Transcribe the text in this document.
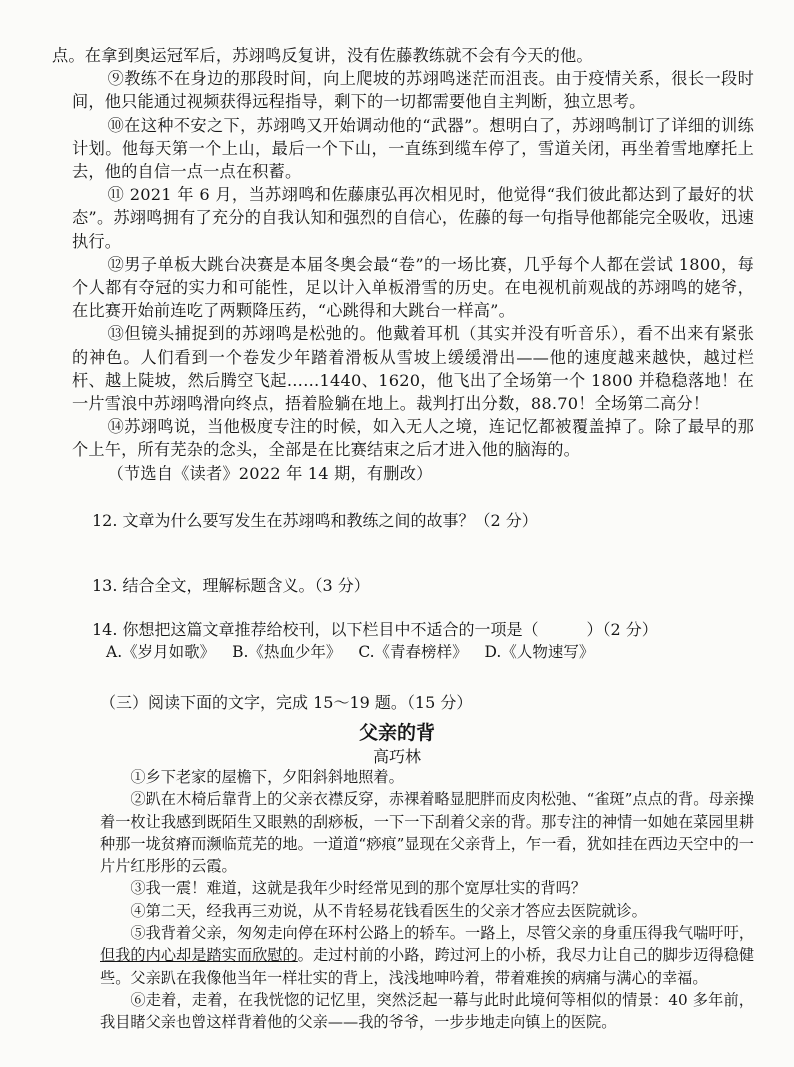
点。在拿到奥运冠军后，苏翊鸣反复讲，没有佐藤教练就不会有今天的他。

⑨教练不在身边的那段时间，向上爬坡的苏翊鸣迷茫而沮丧。由于疫情关系，很长一段时间，他只能通过视频获得远程指导，剩下的一切都需要他自主判断，独立思考。

⑩在这种不安之下，苏翊鸣又开始调动他的“武器”。想明白了，苏翊鸣制订了详细的训练计划。他每天第一个上山，最后一个下山，一直练到缆车停了，雪道关闭，再坐着雪地摩托上去，他的自信一点一点在积蓄。

⑪ 2021 年 6 月，当苏翊鸣和佐藤康弘再次相见时，他觉得“我们彼此都达到了最好的状态”。苏翊鸣拥有了充分的自我认知和强烈的自信心，佐藤的每一句指导他都能完全吸收，迅速执行。

⑫男子单板大跳台决赛是本届冬奥会最“卷”的一场比赛，几乎每个人都在尝试 1800，每个人都有夺冠的实力和可能性，足以计入单板滑雪的历史。在电视机前观战的苏翊鸣的姥爷，在比赛开始前连吃了两颗降压药，“心跳得和大跳台一样高”。

⑬但镜头捕捉到的苏翊鸣是松弛的。他戴着耳机（其实并没有听音乐），看不出来有紧张的神色。人们看到一个卷发少年踏着滑板从雪坡上缓缓滑出——他的速度越来越快，越过栏杆、越上陡坡，然后腾空飞起……1440、1620，他飞出了全场第一个 1800 并稳稳落地！在一片雪浪中苏翊鸣滑向终点，捂着脸躺在地上。裁判打出分数，88.70！全场第二高分！

⑭苏翊鸣说，当他极度专注的时候，如入无人之境，连记忆都被覆盖掉了。除了最早的那个上午，所有芜杂的念头，全部是在比赛结束之后才进入他的脑海的。

（节选自《读者》2022 年 14 期，有删改）

12. 文章为什么要写发生在苏翊鸣和教练之间的故事？（2 分）

13. 结合全文，理解标题含义。（3 分）

14. 你想把这篇文章推荐给校刊，以下栏目中不适合的一项是（　　　）（2 分）

A.《岁月如歌》 B.《热血少年》 C.《青春榜样》 D.《人物速写》

（三）阅读下面的文字，完成 15～19 题。（15 分）

父亲的背

高巧林

①乡下老家的屋檐下，夕阳斜斜地照着。

②趴在木椅后靠背上的父亲衣襟反穿，赤裸着略显肥胖而皮肉松弛、“雀斑”点点的背。母亲操着一枚让我感到既陌生又眼熟的刮痧板，一下一下刮着父亲的背。那专注的神情一如她在菜园里耕种那一垅贫瘠而濒临荒芜的地。一道道“痧痕”显现在父亲背上，乍一看，犹如挂在西边天空中的一片片红彤彤的云霞。

③我一震！难道，这就是我年少时经常见到的那个宽厚壮实的背吗？

④第二天，经我再三劝说，从不肯轻易花钱看医生的父亲才答应去医院就诊。

⑤我背着父亲，匆匆走向停在环村公路上的轿车。一路上，尽管父亲的身重压得我气喘吁吁，但我的内心却是踏实而欣慰的。走过村前的小路，跨过河上的小桥，我尽力让自己的脚步迈得稳健些。父亲趴在我像他当年一样壮实的背上，浅浅地呻吟着，带着难挨的病痛与满心的幸福。

⑥走着，走着，在我恍惚的记忆里，突然泛起一幕与此时此境何等相似的情景：40 多年前，我目睹父亲也曾这样背着他的父亲——我的爷爷，一步步地走向镇上的医院。
